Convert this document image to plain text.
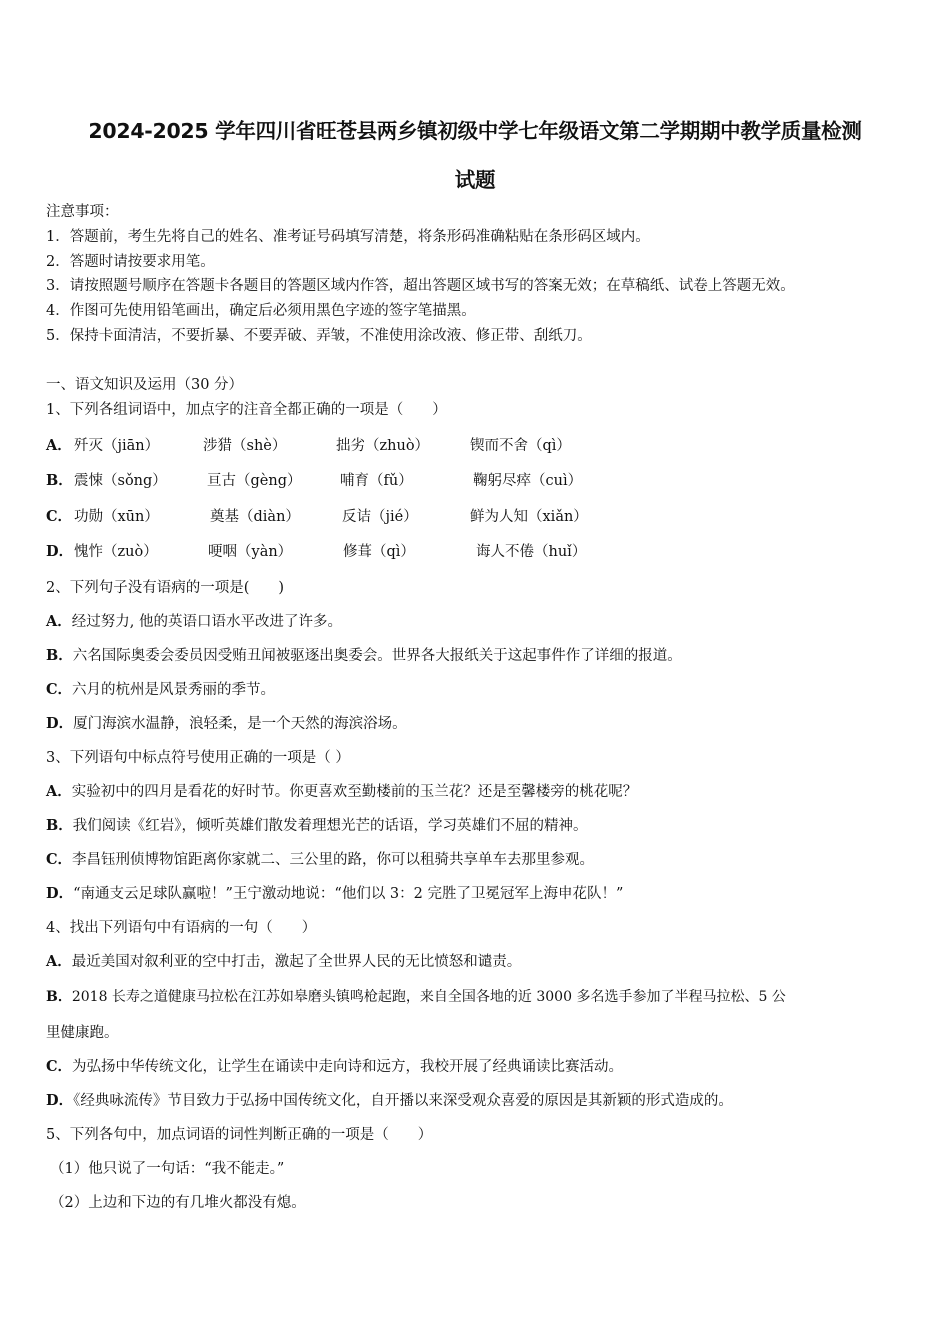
2024-2025 学年四川省旺苍县两乡镇初级中学七年级语文第二学期期中教学质量检测
试题
注意事项：
1．答题前，考生先将自己的姓名、准考证号码填写清楚，将条形码准确粘贴在条形码区域内。
2．答题时请按要求用笔。
3．请按照题号顺序在答题卡各题目的答题区域内作答，超出答题区域书写的答案无效；在草稿纸、试卷上答题无效。
4．作图可先使用铅笔画出，确定后必须用黑色字迹的签字笔描黑。
5．保持卡面清洁，不要折暴、不要弄破、弄皱，不准使用涂改液、修正带、刮纸刀。
一、语文知识及运用（30 分）
1、下列各组词语中，加点字的注音全都正确的一项是（　　）
A． 歼灭（jiān）	涉猎（shè）	拙劣（zhuò）	锲而不舍（qì）
B． 震悚（sǒng）	亘古（gèng）	哺育（fǔ）	鞠躬尽瘁（cuì）
C． 功勋（xūn）	奠基（diàn）	反诘（jié）	鲜为人知（xiǎn）
D． 愧怍（zuò）	哽咽（yàn）	修葺（qì）	诲人不倦（huǐ）
2、下列句子没有语病的一项是(　　)
A．经过努力, 他的英语口语水平改进了许多。
B．六名国际奥委会委员因受贿丑闻被驱逐出奥委会。世界各大报纸关于这起事件作了详细的报道。
C．六月的杭州是风景秀丽的季节。
D．厦门海滨水温静，浪轻柔，是一个天然的海滨浴场。
3、下列语句中标点符号使用正确的一项是（ ）
A．实验初中的四月是看花的好时节。你更喜欢至勤楼前的玉兰花？还是至馨楼旁的桃花呢？
B．我们阅读《红岩》，倾听英雄们散发着理想光芒的话语，学习英雄们不屈的精神。
C．李昌钰刑侦博物馆距离你家就二、三公里的路，你可以租骑共享单车去那里参观。
D．“南通支云足球队赢啦！”王宁激动地说：“他们以 3：2 完胜了卫冕冠军上海申花队！”
4、找出下列语句中有语病的一句（　　）
A．最近美国对叙利亚的空中打击，激起了全世界人民的无比愤怒和谴责。
B．2018 长寿之道健康马拉松在江苏如皋磨头镇鸣枪起跑，来自全国各地的近 3000 多名选手参加了半程马拉松、5 公
里健康跑。
C．为弘扬中华传统文化，让学生在诵读中走向诗和远方，我校开展了经典诵读比赛活动。
D．《经典咏流传》节目致力于弘扬中国传统文化，自开播以来深受观众喜爱的原因是其新颖的形式造成的。
5、下列各句中，加点词语的词性判断正确的一项是（　　）
（1）他只说了一句话：“我不能走。”
（2）上边和下边的有几堆火都没有熄。
